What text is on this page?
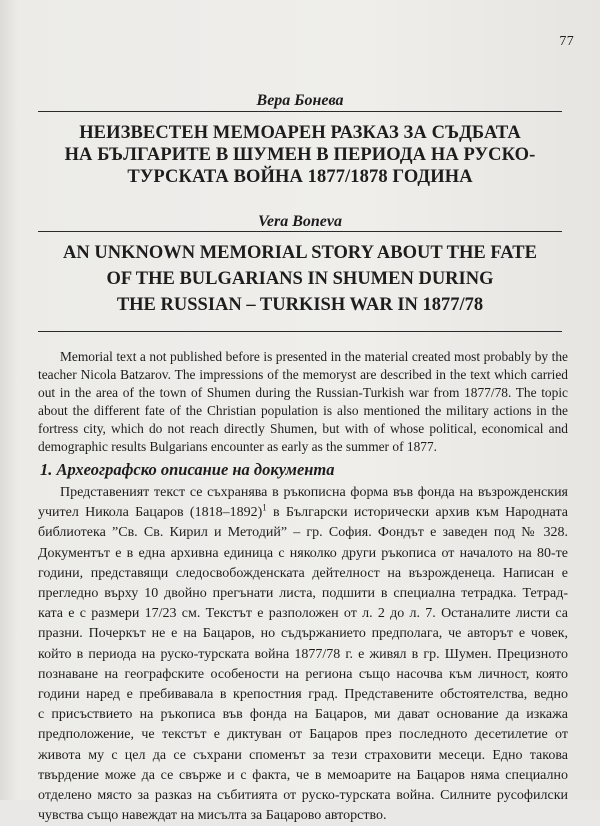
77
Вера Бонева
НЕИЗВЕСТЕН МЕМОАРЕН РАЗКАЗ ЗА СЪДБАТА
НА БЪЛГАРИТЕ В ШУМЕН В ПЕРИОДА НА РУСКО-
ТУРСКАТА ВОЙНА 1877/1878 ГОДИНА
Vera Boneva
AN UNKNOWN MEMORIAL STORY ABOUT THE FATE
OF THE BULGARIANS IN SHUMEN DURING
THE RUSSIAN – TURKISH WAR IN 1877/78

Memorial text a not published before is presented in the material created most probably by the teacher Nicola Batzarov. The impressions of the memoryst are described in the text which carried out in the area of the town of Shumen during the Russian-Turkish war from 1877/78. The topic about the different fate of the Christian population is also mentioned the military actions in the fortress city, which do not reach directly Shumen, but with of whose political, economical and demographic results Bulgarians encounter as early as the summer of 1877.

1. Археографско описание на документа

Представеният текст се съхранява в ръкописна форма във фонда на възрожденския
учител Никола Бацаров (1818–1892)$^1$ в Български исторически архив към Народната
библиотека ”Св. Св. Кирил и Методий” – гр. София. Фондът е заведен под № 328.
Документът е в една архивна единица с няколко други ръкописа от началото на 80-те
години, представящи следосвобожденската дейтелност на възрожденеца. Написан е
прегледно върху 10 двойно прегънати листа, подшити в специална тетрадка. Тетрад-
ката е с размери 17/23 см. Текстът е разположен от л. 2 до л. 7. Останалите листи са
празни. Почеркът не е на Бацаров, но съдържанието предполага, че авторът е човек,
който в периода на руско-турската война 1877/78 г. е живял в гр. Шумен. Прецизното
познаване на географските особености на региона също насочва към личност, която
години наред е пребивавала в крепостния град. Представените обстоятелства, ведно
с присъствието на ръкописа във фонда на Бацаров, ми дават основание да изкажа
предположение, че текстът е диктуван от Бацаров през последното десетилетие от
живота му с цел да се съхрани споменът за тези страховити месеци. Едно такова
твърдение може да се свърже и с факта, че в мемоарите на Бацаров няма специално
отделено място за разказ на събитията от руско-турската война. Силните русофилски
чувства също навеждат на мисълта за Бацарово авторство.
